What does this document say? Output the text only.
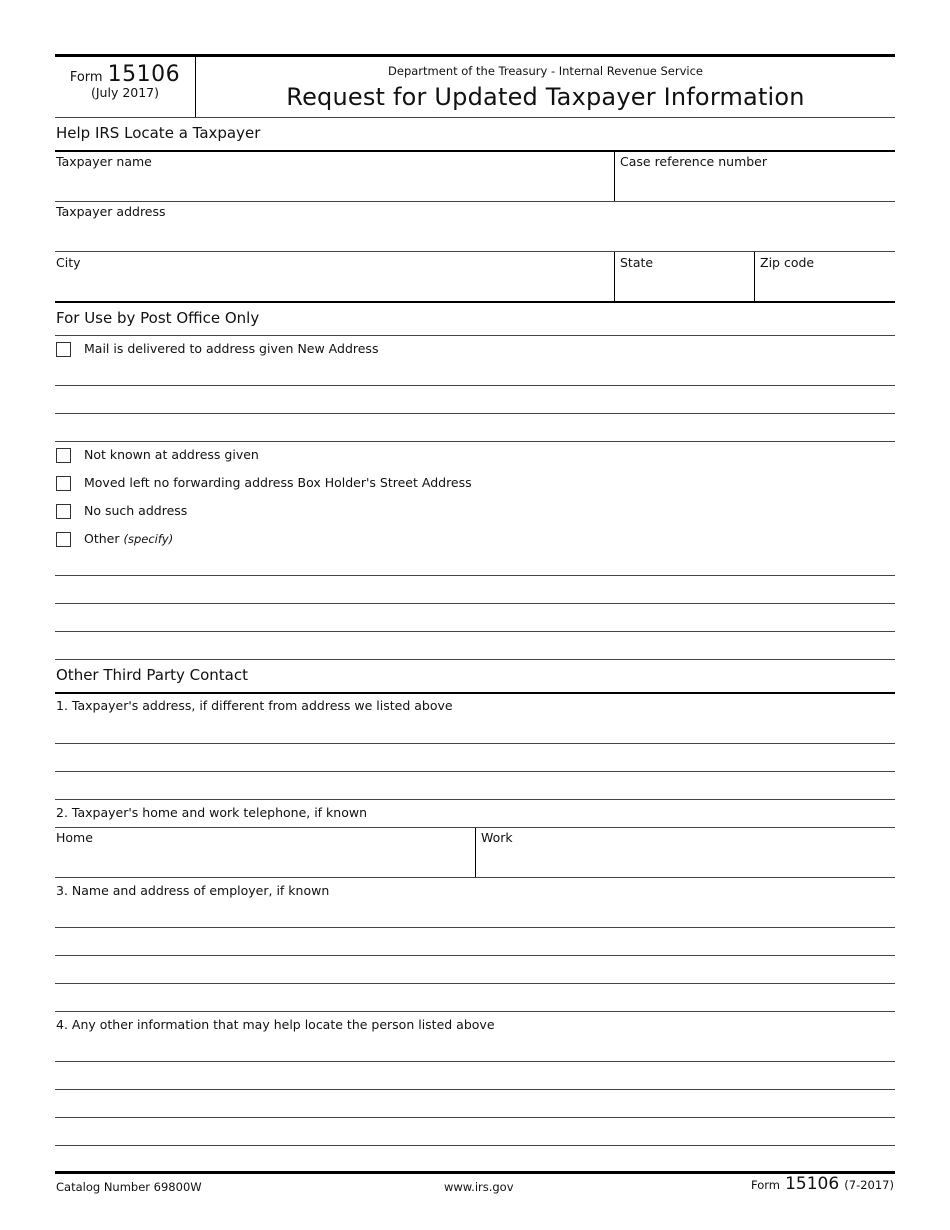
Form 15106
(July 2017)
Department of the Treasury - Internal Revenue Service
Request for Updated Taxpayer Information
Help IRS Locate a Taxpayer
Taxpayer name	Case reference number
Taxpayer address
City	State	Zip code
For Use by Post Office Only
Mail is delivered to address given New Address
Not known at address given
Moved left no forwarding address Box Holder's Street Address
No such address
Other (specify)
Other Third Party Contact
1. Taxpayer's address, if different from address we listed above
2. Taxpayer's home and work telephone, if known
Home	Work
3. Name and address of employer, if known
4. Any other information that may help locate the person listed above
Catalog Number 69800W	www.irs.gov	Form 15106 (7-2017)
